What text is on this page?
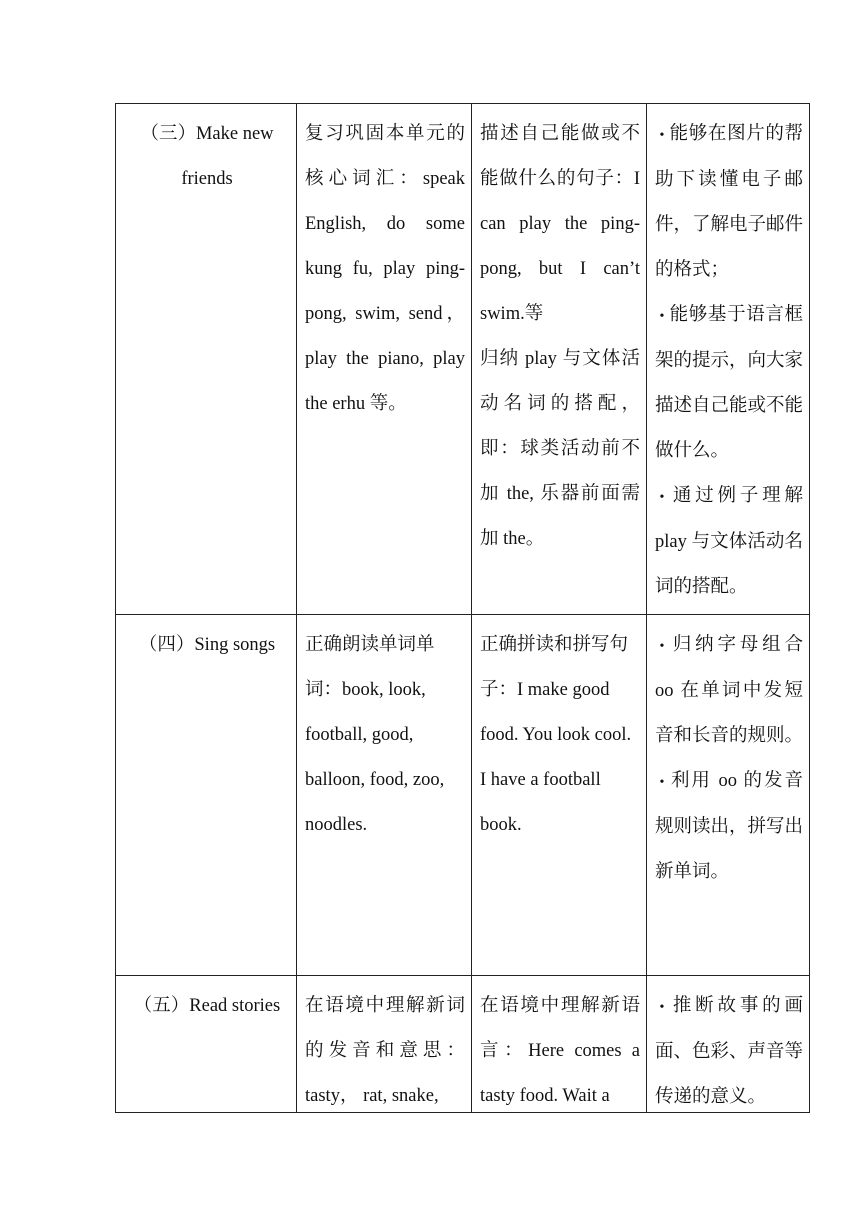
（三）Make new friends	复习巩固本单元的核心词汇：speak English, do some kung fu, play ping-pong, swim, send，play the piano, play the erhu 等。	描述自己能做或不能做什么的句子：I can play the ping-pong, but I can’t swim.等
归纳 play 与文体活动名词的搭配，即：球类活动前不加 the, 乐器前面需加 the。	• 能够在图片的帮助下读懂电子邮件，了解电子邮件的格式；
• 能够基于语言框架的提示，向大家描述自己能或不能做什么。
• 通过例子理解 play 与文体活动名词的搭配。

（四）Sing songs	正确朗读单词单词：book, look, football, good, balloon, food, zoo, noodles.	正确拼读和拼写句子：I make good food. You look cool. I have a football book.	• 归纳字母组合 oo 在单词中发短音和长音的规则。
• 利用 oo 的发音规则读出，拼写出新单词。

（五）Read stories	在语境中理解新词的发音和意思：tasty， rat, snake,	在语境中理解新语言：Here comes a tasty food. Wait a	• 推断故事的画面、色彩、声音等传递的意义。
